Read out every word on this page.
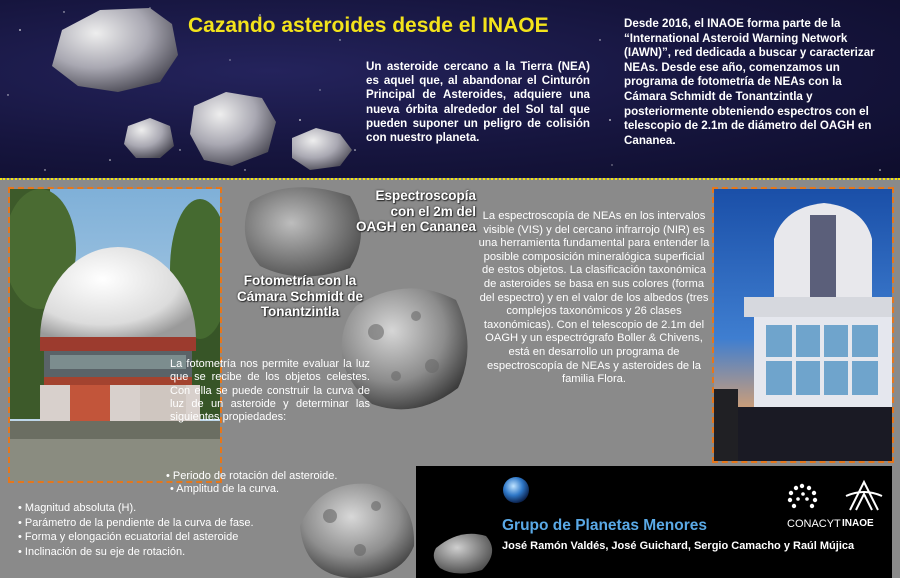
Cazando asteroides desde el INAOE
Un asteroide cercano a la Tierra (NEA) es aquel que, al abandonar el Cinturón Principal de Asteroides, adquiere una nueva órbita alrededor del Sol tal que pueden suponer un peligro de colisión con nuestro planeta.
Desde 2016, el INAOE forma parte de la “International Asteroid Warning Network (IAWN)”, red dedicada a buscar y caracterizar NEAs. Desde ese año, comenzamos un programa de fotometría de NEAs con la Cámara Schmidt de Tonantzintla y posteriormente obteniendo espectros con el telescopio de 2.1m de diámetro del OAGH en Cananea.
Espectroscopía con el 2m del OAGH en Cananea
La espectroscopía de NEAs en los intervalos visible (VIS) y del cercano infrarrojo (NIR) es una herramienta fundamental para entender la posible composición mineralógica superficial de estos objetos. La clasificación taxonómica de asteroides se basa en sus colores (forma del espectro) y en el valor de los albedos (tres complejos taxonómicos y 26 clases taxonómicas). Con el telescopio de 2.1m del OAGH y un espectrógrafo Boller & Chivens, está en desarrollo un programa de espectroscopía de NEAs y asteroides de la familia Flora.
Fotometría con la Cámara Schmidt de Tonantzintla
La fotometría nos permite evaluar la luz que se recibe de los objetos celestes. Con ella se puede construir la curva de luz de un asteroide y determinar las siguientes propiedades:
• Periodo de rotación del asteroide.
• Amplitud de la curva.
• Magnitud absoluta (H).
• Parámetro de la pendiente de la curva de fase.
• Forma y elongación ecuatorial del asteroide
• Inclinación de su eje de rotación.
Grupo de Planetas Menores
José Ramón Valdés, José Guichard, Sergio Camacho y Raúl Mújica
CONACYT INAOE
